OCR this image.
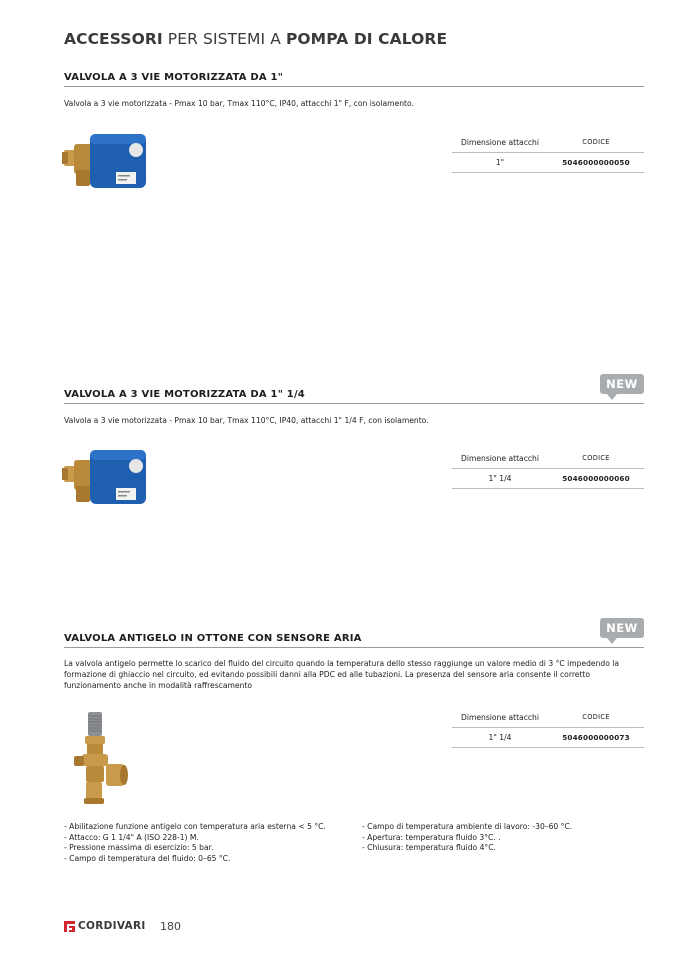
ACCESSORI PER SISTEMI A POMPA DI CALORE
VALVOLA A 3 VIE MOTORIZZATA DA 1"
Valvola a 3 vie motorizzata - Pmax 10 bar, Tmax 110°C, IP40, attacchi 1" F, con isolamento.
Dimensione attacchi	CODICE
1"	5046000000050
NEW
VALVOLA A 3 VIE MOTORIZZATA DA 1" 1/4
Valvola a 3 vie motorizzata - Pmax 10 bar, Tmax 110°C, IP40, attacchi 1" 1/4 F, con isolamento.
Dimensione attacchi	CODICE
1" 1/4	5046000000060
NEW
VALVOLA ANTIGELO IN OTTONE CON SENSORE ARIA
La valvola antigelo permette lo scarico del fluido del circuito quando la temperatura dello stesso raggiunge un valore medio di 3 °C impedendo la formazione di ghiaccio nel circuito, ed evitando possibili danni alla PDC ed alle tubazioni. La presenza del sensore aria consente il corretto funzionamento anche in modalità raffrescamento
Dimensione attacchi	CODICE
1" 1/4	5046000000073
- Abilitazione funzione antigelo con temperatura aria esterna < 5 °C.
- Attacco: G 1 1/4" A (ISO 228-1) M.
- Pressione massima di esercizio: 5 bar.
- Campo di temperatura del fluido: 0–65 °C.
- Campo di temperatura ambiente di lavoro: -30–60 °C.
- Apertura: temperatura fluido 3°C. .
- Chiusura: temperatura fluido 4°C.
CORDIVARI 180
